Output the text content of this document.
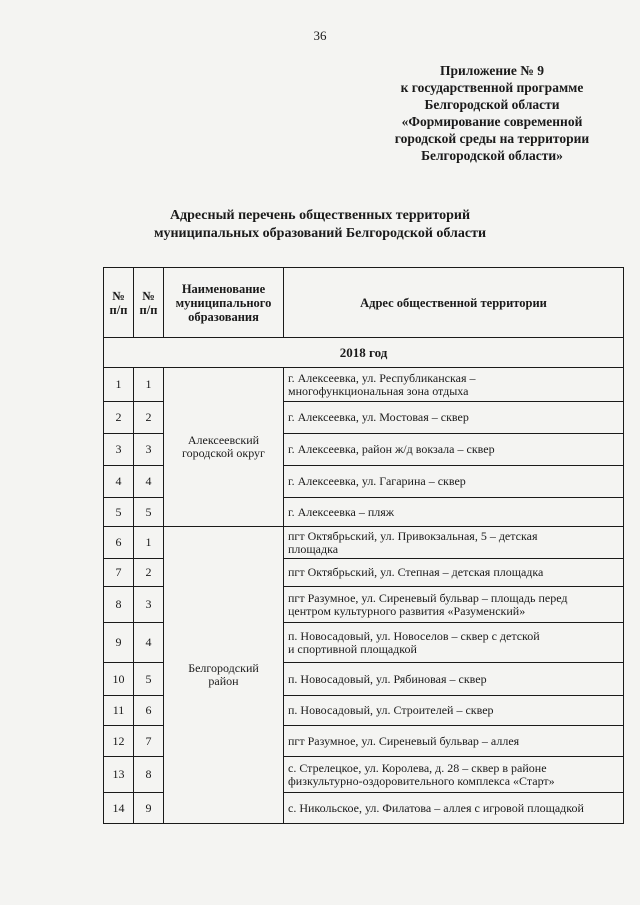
36
Приложение № 9
к государственной программе
Белгородской области
«Формирование современной
городской среды на территории
Белгородской области»
Адресный перечень общественных территорий
муниципальных образований Белгородской области
№
п/п	№
п/п	Наименование
муниципального
образования	Адрес общественной территории
2018 год			
1	1	Алексеевский
городской округ	г. Алексеевка, ул. Республиканская –
многофункциональная зона отдыха
2	2		г. Алексеевка, ул. Мостовая – сквер
3	3		г. Алексеевка, район ж/д вокзала – сквер
4	4		г. Алексеевка, ул. Гагарина – сквер
5	5		г. Алексеевка – пляж
6	1	Белгородский
район	пгт Октябрьский, ул. Привокзальная, 5 – детская
площадка
7	2		пгт Октябрьский, ул. Степная – детская площадка
8	3		пгт Разумное, ул. Сиреневый бульвар – площадь перед
центром культурного развития «Разуменский»
9	4		п. Новосадовый, ул. Новоселов – сквер с детской
и спортивной площадкой
10	5		п. Новосадовый, ул. Рябиновая – сквер
11	6		п. Новосадовый, ул. Строителей – сквер
12	7		пгт Разумное, ул. Сиреневый бульвар – аллея
13	8		с. Стрелецкое, ул. Королева, д. 28 – сквер в районе
физкультурно-оздоровительного комплекса «Старт»
14	9		с. Никольское, ул. Филатова – аллея с игровой площадкой
